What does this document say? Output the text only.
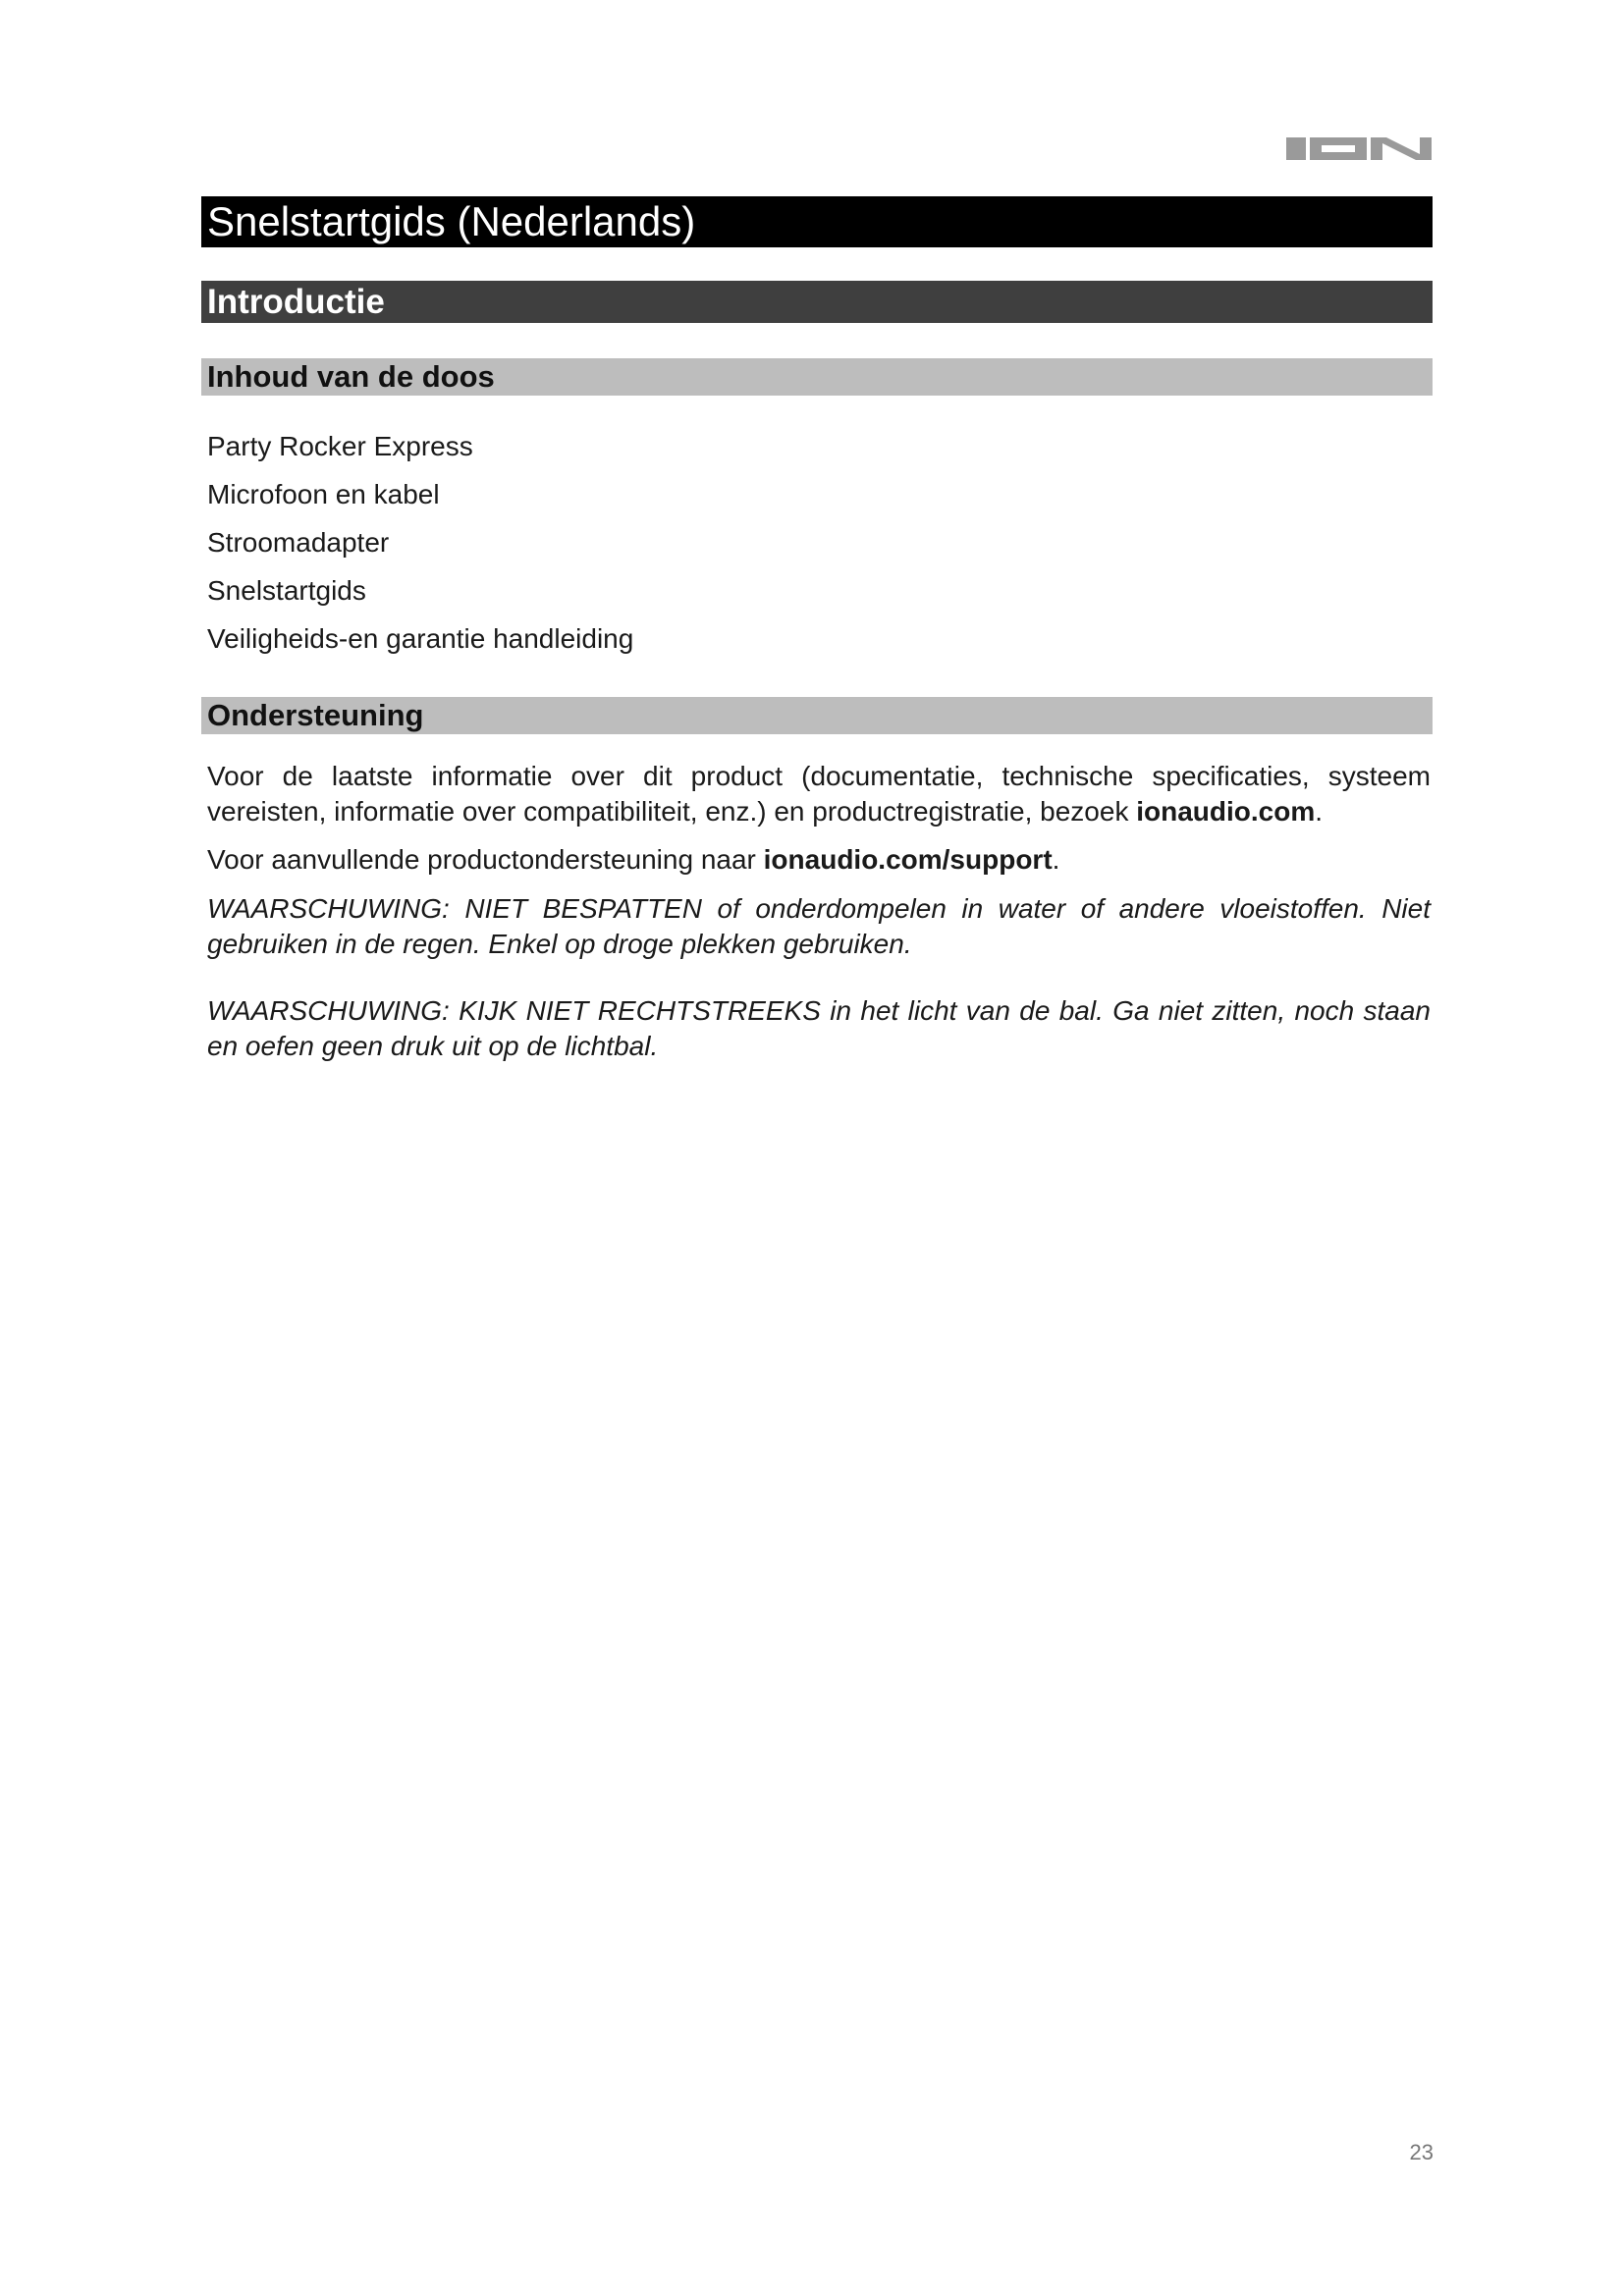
Snelstartgids (Nederlands)
Introductie
Inhoud van de doos
Party Rocker Express
Microfoon en kabel
Stroomadapter
Snelstartgids
Veiligheids-en garantie handleiding
Ondersteuning

Voor de laatste informatie over dit product (documentatie, technische specificaties, systeem vereisten, informatie over compatibiliteit, enz.) en productregistratie, bezoek ionaudio.com.

Voor aanvullende productondersteuning naar ionaudio.com/support.

WAARSCHUWING: NIET BESPATTEN of onderdompelen in water of andere vloeistoffen. Niet gebruiken in de regen. Enkel op droge plekken gebruiken.

WAARSCHUWING: KIJK NIET RECHTSTREEKS in het licht van de bal. Ga niet zitten, noch staan en oefen geen druk uit op de lichtbal.

23
